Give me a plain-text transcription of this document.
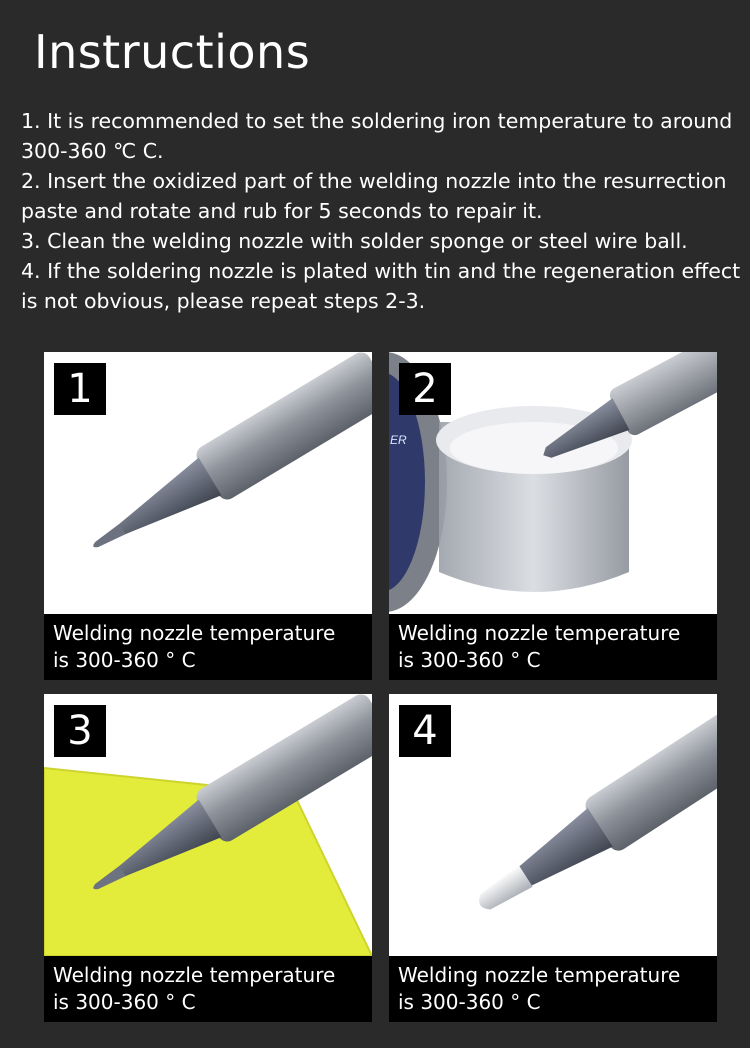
Instructions

1. It is recommended to set the soldering iron temperature to around 300-360 ℃ C.

2. Insert the oxidized part of the welding nozzle into the resurrection paste and rotate and rub for 5 seconds to repair it.

3. Clean the welding nozzle with solder sponge or steel wire ball.

4. If the soldering nozzle is plated with tin and the regeneration effect is not obvious, please repeat steps 2-3.

1
Welding nozzle temperature
is 300-360 ° C
ER
2
Welding nozzle temperature
is 300-360 ° C
3
Welding nozzle temperature
is 300-360 ° C
4
Welding nozzle temperature
is 300-360 ° C
